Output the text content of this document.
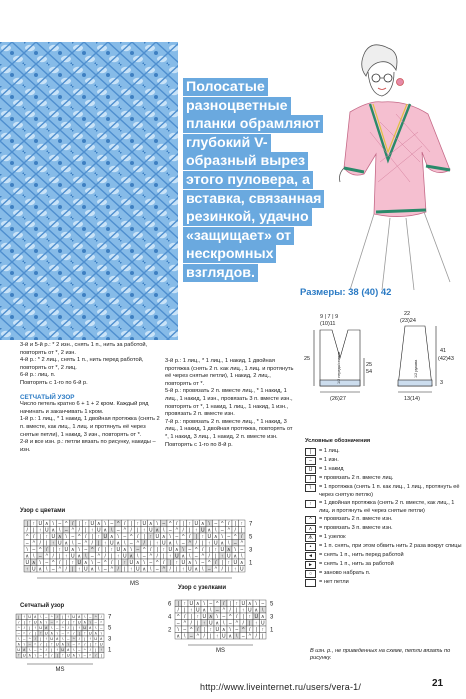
Полосатые разноцветные планки обрамляют глубокий V-образный вырез этого пуловера, а вставка, связанная резинкой, удачно «защищает» от нескромных взглядов.
Размеры: 38 (40) 42
9 | 7 | 9
(10)11
22
(23)24
25
54
25
(26)27	13(14)
41
(42)43
3
1/2 переда/спинки	1/2 рукава
3-й и 5-й р.: * 2 изн., снять 1 п., нить за работой, повторять от *, 2 изн.
4-й р.: * 2 лиц., снять 1 п., нить перед работой, повторять от *, 2 лиц.
6-й р.: лиц. п.
Повторять с 1-го по 6-й р.
СЕТЧАТЫЙ УЗОР
Число петель кратно 6 + 1 + 2 кром. Каждый ряд начинать и заканчивать 1 кром.
1-й р.: 1 лиц., * 1 накид, 1 двойная протяжка (снять 2 п. вместе, как лиц., 1 лиц. и протянуть её через снятые петли), 1 накид, 3 изн., повторять от *.
2-й и все изн. р.: петли вязать по рисунку, накиды – изн.
3-й р.: 1 лиц., * 1 лиц., 1 накид, 1 двойная протяжка (снять 2 п. как лиц., 1 лиц. и протянуть её через снятые петли), 1 накид, 2 лиц., повторять от *.
5-й р.: провязать 2 п. вместе лиц., * 1 накид, 1 лиц., 1 накид, 1 изн., провязать 3 п. вместе изн., повторять от *, 1 накид, 1 лиц., 1 накид, 1 изн., провязать 2 п. вместе изн.
7-й р.: провязать 2 п. вместе лиц., * 1 накид, 3 лиц., 1 накид, 1 двойная протяжка, повторять от *, 1 накид, 3 лиц., 1 накид, 2 п. вместе изн.
Повторять с 1-го по 8-й р.
Условные обозначения
|	= 1 лиц.
–	= 1 изн.
U	= 1 накид
/	= провязать 2 п. вместе лиц.
\	= 1 протяжка (снять 1 п. как лиц., 1 лиц., протянуть её через снятую петлю)
↑	= 1 двойная протяжка (снять 2 п. вместе, как лиц., 1 лиц. и протянуть её через снятые петли)
^	= провязать 2 п. вместе изн.
∧	= провязать 3 п. вместе изн.
ᗑ	= 1 узелок
•	= 1 п. снять, при этом обвить нить 2 раза вокруг спицы
◄	= снять 1 п., нить перед работой
►	= снять 1 п., нить за работой
○	= заново набрать п.
= нет петли
В изн. р., не приведенных на схеме, петли вязать по рисунку.
Узор с цветами
| ↑ U ∧ \ – ^ / | ↑ U ∧ \ – ^ / | ↑ U ∧ \ – ^ / | ↑ U ∧ \ – ^ / | ↑
/ | ↑ U ∧ \ – ^ / | ↑ U ∧ \ – ^ / | ↑ U ∧ \ – ^ / | ↑ U ∧ \ – ^ / |
^ / | ↑ U ∧ \ – ^ / | ↑ U ∧ \ – ^ / | ↑ U ∧ \ – ^ / | ↑ U ∧ \ – ^ /
– ^ / | ↑ U ∧ \ – ^ / | ↑ U ∧ \ – ^ / | ↑ U ∧ \ – ^ / | ↑ U ∧ \ – ^
\ – ^ / | ↑ U ∧ \ – ^ / | ↑ U ∧ \ – ^ / | ↑ U ∧ \ – ^ / | ↑ U ∧ \ –
∧ \ – ^ / | ↑ U ∧ \ – ^ / | ↑ U ∧ \ – ^ / | ↑ U ∧ \ – ^ / | ↑ U ∧ \
U ∧ \ – ^ / | ↑ U ∧ \ – ^ / | ↑ U ∧ \ – ^ / | ↑ U ∧ \ – ^ / | ↑ U ∧
↑ U ∧ \ – ^ / | ↑ U ∧ \ – ^ / | ↑ U ∧ \ – ^ / | ↑ U ∧ \ – ^ / | ↑ U
7
5
3
1
MS
Узор с узелками
| ↑ U ∧ \ – ^ / | ↑ U ∧ \ –
/ | ↑ U ∧ \ – ^ / | ↑ U ∧ \
^ / | ↑ U ∧ \ – ^ / | ↑ U ∧
– ^ / | ↑ U ∧ \ – ^ / | ↑ U
\ – ^ / | ↑ U ∧ \ – ^ / | ↑
∧ \ – ^ / | ↑ U ∧ \ – ^ / |
5
3
1
6
4
2
MS
Сетчатый узор
| ↑ U ∧ \ – ^ / | ↑ U ∧ \ – ^ /
/ | ↑ U ∧ \ – ^ / | ↑ U ∧ \ – ^
^ / | ↑ U ∧ \ – ^ / | ↑ U ∧ \ –
– ^ / | ↑ U ∧ \ – ^ / | ↑ U ∧ \
\ – ^ / | ↑ U ∧ \ – ^ / | ↑ U ∧
∧ \ – ^ / | ↑ U ∧ \ – ^ / | ↑ U
U ∧ \ – ^ / | ↑ U ∧ \ – ^ / | ↑
↑ U ∧ \ – ^ / | ↑ U ∧ \ – ^ / |
7
5
3
1
MS
http://www.liveinternet.ru/users/vera-1/	21
